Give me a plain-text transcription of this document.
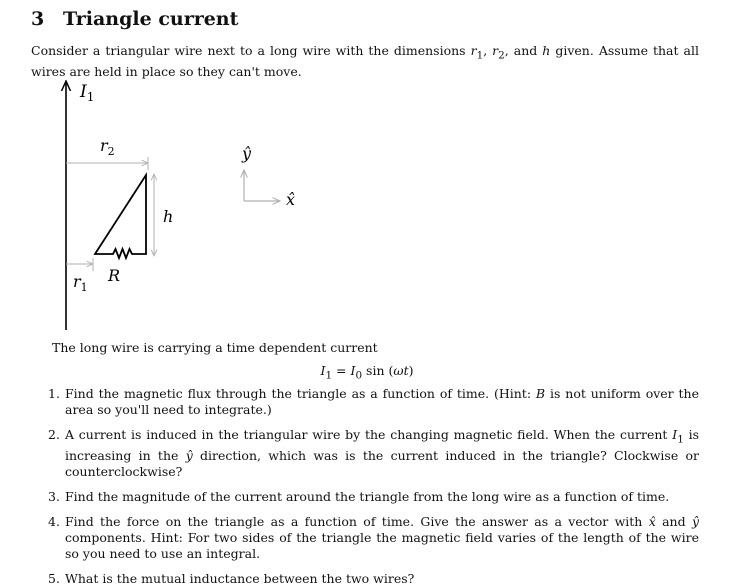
3 Triangle current

Consider a triangular wire next to a long wire with the dimensions $r_1$, $r_2$, and h given. Assume that all wires are held in place so they can't move.

$I_1$
$r_2$
h
R
$r_1$
ŷ
x̂

The long wire is carrying a time dependent current

$I_1 = I_0$ sin (ωt)
1. Find the magnetic flux through the triangle as a function of time. (Hint: B is not uniform over the area so you'll need to integrate.)
2. A current is induced in the triangular wire by the changing magnetic field. When the current $I_1$ is increasing in the ŷ direction, which was is the current induced in the triangle? Clockwise or counterclockwise?
3. Find the magnitude of the current around the triangle from the long wire as a function of time.
4. Find the force on the triangle as a function of time. Give the answer as a vector with x̂ and ŷ components. Hint: For two sides of the triangle the magnetic field varies of the length of the wire so you need to use an integral.
5. What is the mutual inductance between the two wires?
